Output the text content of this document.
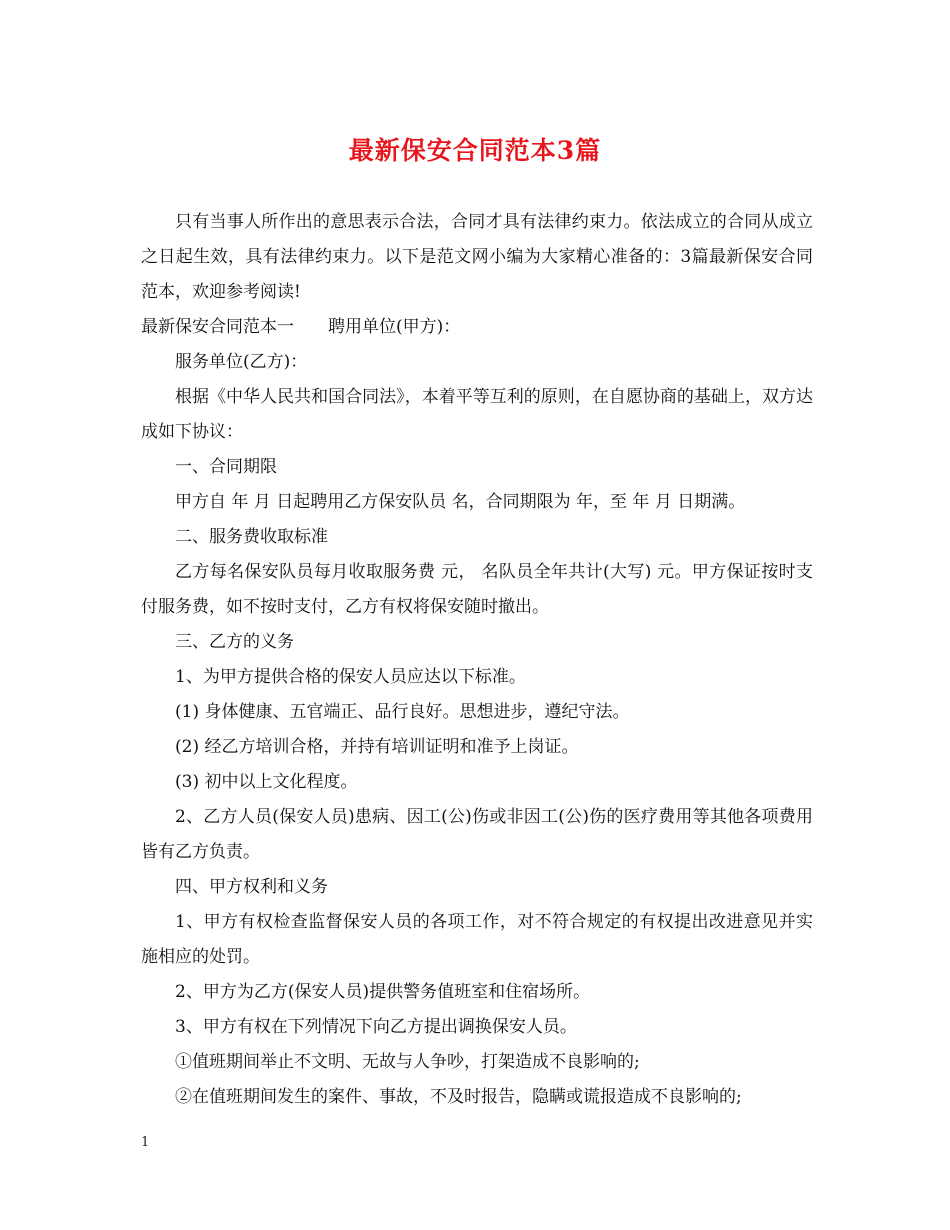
最新保安合同范本3篇

只有当事人所作出的意思表示合法，合同才具有法律约束力。依法成立的合同从成立之日起生效，具有法律约束力。以下是范文网小编为大家精心准备的：3篇最新保安合同范本，欢迎参考阅读!

最新保安合同范本一　　聘用单位(甲方)：

服务单位(乙方)：

根据《中华人民共和国合同法》，本着平等互利的原则，在自愿协商的基础上，双方达成如下协议：

一、合同期限

甲方自 年 月 日起聘用乙方保安队员 名，合同期限为 年，至 年 月 日期满。

二、服务费收取标准

乙方每名保安队员每月收取服务费 元， 名队员全年共计(大写) 元。甲方保证按时支付服务费，如不按时支付，乙方有权将保安随时撤出。

三、乙方的义务

1、为甲方提供合格的保安人员应达以下标准。

(1) 身体健康、五官端正、品行良好。思想进步，遵纪守法。

(2) 经乙方培训合格，并持有培训证明和准予上岗证。

(3) 初中以上文化程度。

2、乙方人员(保安人员)患病、因工(公)伤或非因工(公)伤的医疗费用等其他各项费用皆有乙方负责。

四、甲方权利和义务

1、甲方有权检查监督保安人员的各项工作，对不符合规定的有权提出改进意见并实施相应的处罚。

2、甲方为乙方(保安人员)提供警务值班室和住宿场所。

3、甲方有权在下列情况下向乙方提出调换保安人员。

①值班期间举止不文明、无故与人争吵，打架造成不良影响的;

②在值班期间发生的案件、事故，不及时报告，隐瞒或谎报造成不良影响的;

1
